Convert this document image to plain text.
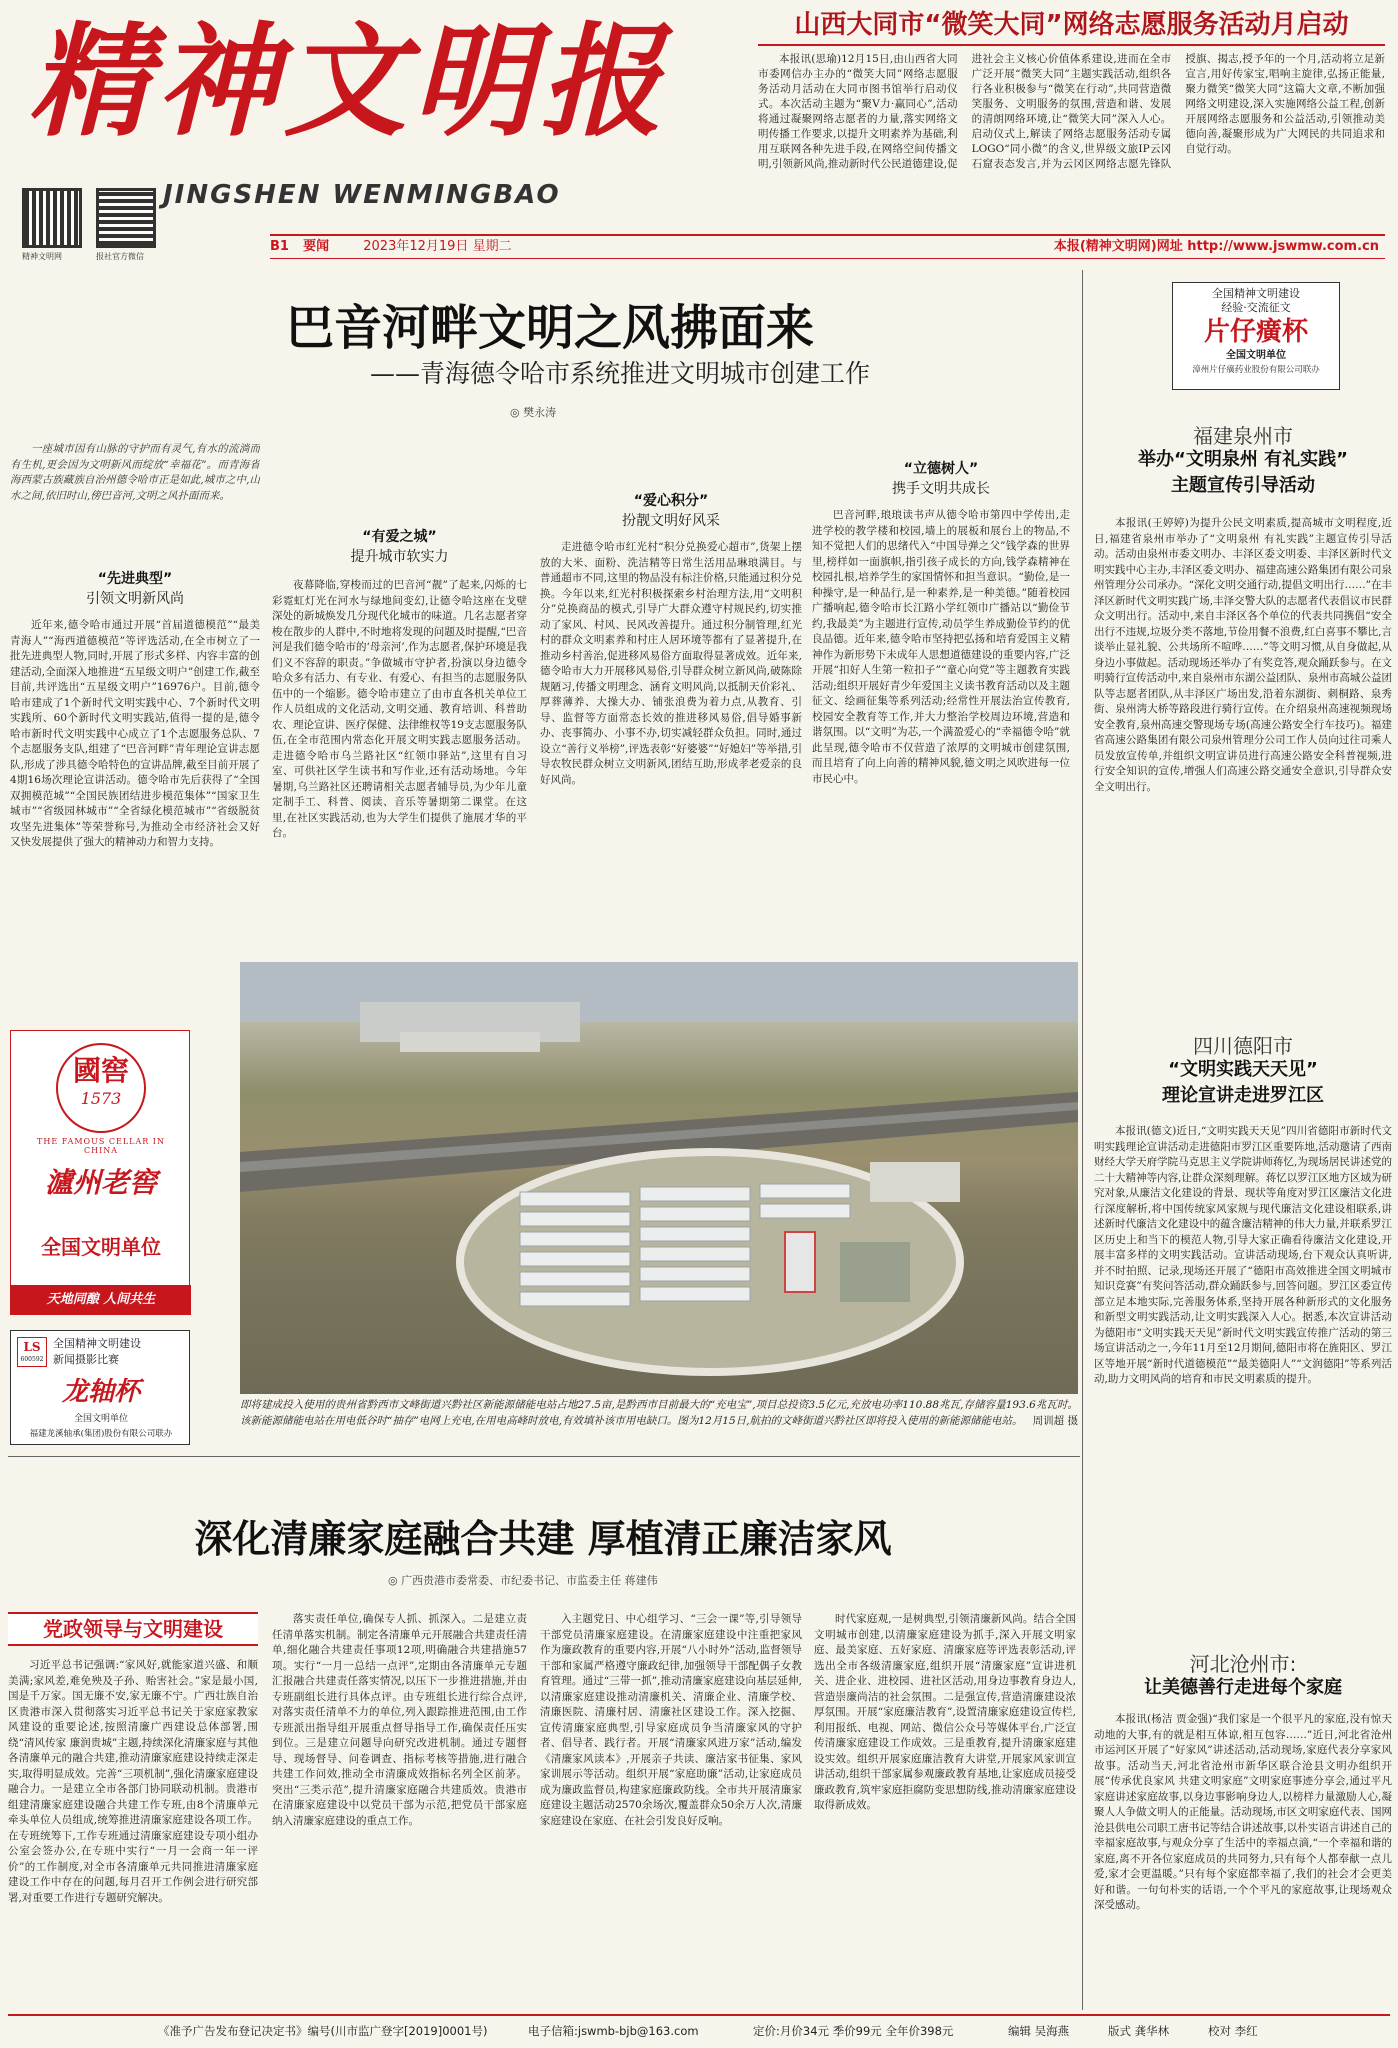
精神文明报
JINGSHEN WENMINGBAO
精神文明网	报社官方微信
B1 要闻	2023年12月19日 星期二	本报(精神文明网)网址 http://www.jswmw.com.cn
山西大同市“微笑大同”网络志愿服务活动月启动
本报讯(思瑜)12月15日,由山西省大同市委网信办主办的“微笑大同”网络志愿服务活动月活动在大同市图书馆举行启动仪式。本次活动主题为“聚V力·赢同心”,活动将通过凝聚网络志愿者的力量,落实网络文明传播工作要求,以提升文明素养为基础,利用互联网各种先进手段,在网络空间传播文明,引领新风尚,推动新时代公民道德建设,促进社会主义核心价值体系建设,进而在全市广泛开展“微笑大同”主题实践活动,组织各行各业积极参与“微笑在行动”,共同营造微笑服务、文明服务的氛围,营造和谐、发展的清朗网络环境,让“微笑大同”深入人心。启动仪式上,解读了网络志愿服务活动专属LOGO“同小微”的含义,世界级文旅IP云冈石窟表态发言,并为云冈区网络志愿先锋队授旗、揭志,授予年的一个月,活动将立足新宣言,用好传家宝,唱响主旋律,弘扬正能量,聚力微笑“微笑大同”这篇大文章,不断加强网络文明建设,深入实施网络公益工程,创新开展网络志愿服务和公益活动,引领推动美德向善,凝聚形成为广大网民的共同追求和自觉行动。
巴音河畔文明之风拂面来
——青海德令哈市系统推进文明城市创建工作
◎ 樊永涛
一座城市因有山脉的守护而有灵气,有水的流淌而有生机,更会因为文明新风而绽放“幸福花”。而青海省海西蒙古族藏族自治州德令哈市正是如此,城市之中,山水之间,依旧时山,傍巴音河,文明之风扑面而来。
“先进典型”
引领文明新风尚
近年来,德令哈市通过开展“首届道德模范”“最美青海人”“海西道德模范”等评选活动,在全市树立了一批先进典型人物,同时,开展了形式多样、内容丰富的创建活动,全面深入地推进“五星级文明户”创建工作,截至目前,共评选出“五星级文明户”16976户。目前,德令哈市建成了1个新时代文明实践中心、7个新时代文明实践所、60个新时代文明实践站,值得一提的是,德令哈市新时代文明实践中心成立了1个志愿服务总队、7个志愿服务支队,组建了“巴音河畔”青年理论宣讲志愿队,形成了涉具德令哈特色的宣讲品牌,截至目前开展了4期16场次理论宣讲活动。德令哈市先后获得了“全国双拥模范城”“全国民族团结进步模范集体”“国家卫生城市”“省级园林城市”“全省绿化模范城市”“省级脱贫攻坚先进集体”等荣誉称号,为推动全市经济社会又好又快发展提供了强大的精神动力和智力支持。
“有爱之城”
提升城市软实力
夜幕降临,穿梭而过的巴音河“靓”了起来,闪烁的七彩霓虹灯光在河水与绿地间变幻,让德令哈这座在戈壁深处的新城焕发几分现代化城市的味道。几名志愿者穿梭在散步的人群中,不时地将发现的问题及时提醒,“巴音河是我们德令哈市的‘母亲河’,作为志愿者,保护环境是我们义不容辞的职责。”争做城市守护者,扮演以身边德令哈众多有活力、有专业、有爱心、有担当的志愿服务队伍中的一个缩影。德令哈市建立了由市直各机关单位工作人员组成的文化活动,文明交通、教育培训、科普助农、理论宣讲、医疗保健、法律维权等19支志愿服务队伍,在全市范围内常态化开展文明实践志愿服务活动。走进德令哈市乌兰路社区“红领巾驿站”,这里有自习室、可供社区学生读书和写作业,还有活动场地。今年暑期,乌兰路社区还聘请相关志愿者辅导员,为少年儿童定制手工、科普、阅读、音乐等暑期第二课堂。在这里,在社区实践活动,也为大学生们提供了施展才华的平台。
“爱心积分”
扮靓文明好风采
走进德令哈市红光村“积分兑换爱心超市”,货架上摆放的大米、面粉、洗洁精等日常生活用品琳琅满目。与普通超市不同,这里的物品没有标注价格,只能通过积分兑换。今年以来,红光村积极探索乡村治理方法,用“文明积分”兑换商品的模式,引导广大群众遵守村规民约,切实推动了家风、村风、民风改善提升。通过积分制管理,红光村的群众文明素养和村庄人居环境等都有了显著提升,在推动乡村善治,促进移风易俗方面取得显著成效。近年来,德令哈市大力开展移风易俗,引导群众树立新风尚,破陈除规陋习,传播文明理念、涵育文明风尚,以抵制天价彩礼、厚葬薄养、大操大办、铺张浪费为着力点,从教育、引导、监督等方面常态长效的推进移风易俗,倡导婚事新办、丧事简办、小事不办,切实减轻群众负担。同时,通过设立“善行义举榜”,评选表彰“好婆婆”“好媳妇”等举措,引导农牧民群众树立文明新风,团结互助,形成孝老爱亲的良好风尚。
“立德树人”
携手文明共成长
巴音河畔,琅琅读书声从德令哈市第四中学传出,走进学校的教学楼和校园,墙上的展板和展台上的物品,不知不觉把人们的思绪代入“中国导弹之父”钱学森的世界里,榜样如一面旗帜,指引孩子成长的方向,钱学森精神在校园扎根,培养学生的家国情怀和担当意识。“勤俭,是一种操守,是一种品行,是一种素养,是一种美德。”随着校园广播响起,德令哈市长江路小学红领巾广播站以“勤俭节约,我最美”为主题进行宣传,动员学生养成勤俭节约的优良品德。近年来,德令哈市坚持把弘扬和培育爱国主义精神作为新形势下未成年人思想道德建设的重要内容,广泛开展“扣好人生第一粒扣子”“童心向党”等主题教育实践活动;组织开展好青少年爱国主义读书教育活动以及主题征文、绘画征集等系列活动;经常性开展法治宣传教育,校园安全教育等工作,并大力整治学校周边环境,营造和谐氛围。以“文明”为芯,一个满盈爱心的“幸福德令哈”就此呈现,德令哈市不仅营造了浓厚的文明城市创建氛围,而且培育了向上向善的精神风貌,德文明之风吹进每一位市民心中。
即将建成投入使用的贵州省黔西市文峰街道兴黔社区新能源储能电站占地27.5亩,是黔西市目前最大的“充电宝”,项目总投资3.5亿元,充放电功率110.88兆瓦,存储容量193.6兆瓦时。该新能源储能电站在用电低谷时“抽存”电网上充电,在用电高峰时放电,有效填补该市用电缺口。图为12月15日,航拍的文峰街道兴黔社区即将投入使用的新能源储能电站。 周训超 摄
國窖
1573
THE FAMOUS CELLAR IN CHINA
瀘州老窖
全国文明单位
天地同酿 人间共生
LS
600592
全国精神文明建设
新闻摄影比赛
龙轴杯
全国文明单位
福建龙溪轴承(集团)股份有限公司联办
全国精神文明建设
经验·交流征文
片仔癀杯
全国文明单位
漳州片仔癀药业股份有限公司联办
福建泉州市
举办“文明泉州 有礼实践”
主题宣传引导活动
本报讯(王婷婷)为提升公民文明素质,提高城市文明程度,近日,福建省泉州市举办了“文明泉州 有礼实践”主题宣传引导活动。活动由泉州市委文明办、丰泽区委文明委、丰泽区新时代文明实践中心主办,丰泽区委文明办、福建高速公路集团有限公司泉州管理分公司承办。“深化文明交通行动,提倡文明出行……”在丰泽区新时代文明实践广场,丰泽交警大队的志愿者代表倡议市民群众文明出行。活动中,来自丰泽区各个单位的代表共同携倡“安全出行不违规,垃圾分类不落地,节俭用餐不浪费,红白喜事不攀比,言谈举止显礼貌、公共场所不喧哗……”等文明习惯,从自身做起,从身边小事做起。活动现场还举办了有奖竞答,观众踊跃参与。在文明骑行宣传活动中,来自泉州市东湖公益团队、泉州市高城公益团队等志愿者团队,从丰泽区广场出发,沿着东湖街、刺桐路、泉秀街、泉州湾大桥等路段进行骑行宣传。在介绍泉州高速视频现场安全教育,泉州高速交警现场专场(高速公路安全行车技巧)。福建省高速公路集团有限公司泉州管理分公司工作人员向过往司乘人员发放宣传单,并组织文明宣讲员进行高速公路安全科普视频,进行安全知识的宣传,增强人们高速公路交通安全意识,引导群众安全文明出行。
四川德阳市
“文明实践天天见”
理论宣讲走进罗江区
本报讯(德文)近日,“文明实践天天见”四川省德阳市新时代文明实践理论宣讲活动走进德阳市罗江区重要阵地,活动邀请了西南财经大学天府学院马克思主义学院讲师蒋忆,为现场居民讲述党的二十大精神等内容,让群众深刻理解。蒋忆以罗江区地方区域为研究对象,从廉洁文化建设的背景、现状等角度对罗江区廉洁文化进行深度解析,将中国传统家风家规与现代廉洁文化建设相联系,讲述新时代廉洁文化建设中的蕴含廉洁精神的伟大力量,并联系罗江区历史上和当下的模范人物,引导大家正确看待廉洁文化建设,开展丰富多样的文明实践活动。宣讲活动现场,台下观众认真听讲,并不时拍照、记录,现场还开展了“德阳市高效推进全国文明城市知识竞赛”有奖问答活动,群众踊跃参与,回答问题。罗江区委宣传部立足本地实际,完善服务体系,坚持开展各种新形式的文化服务和新型文明实践活动,让文明实践深入人心。据悉,本次宣讲活动为德阳市“文明实践天天见”新时代文明实践宣传推广活动的第三场宣讲活动之一,今年11月至12月期间,德阳市将在旌阳区、罗江区等地开展“新时代道德模范”“最美德阳人”“文润德阳”等系列活动,助力文明风尚的培育和市民文明素质的提升。
河北沧州市:
让美德善行走进每个家庭
本报讯(杨洁 贾金强)“我们家是一个很平凡的家庭,没有惊天动地的大事,有的就是相互体谅,相互包容……”近日,河北省沧州市运河区开展了“好家风”讲述活动,活动现场,家庭代表分享家风故事。活动当天,河北省沧州市新华区联合沧县文明办组织开展“传承优良家风 共建文明家庭”文明家庭事迹分享会,通过平凡家庭讲述家庭故事,以身边事影响身边人,以榜样力量激励人心,凝聚人人争做文明人的正能量。活动现场,市区文明家庭代表、国网沧县供电公司职工唐书记等结合讲述故事,以朴实语言讲述自己的幸福家庭故事,与观众分享了生活中的幸福点滴,“一个幸福和谐的家庭,离不开各位家庭成员的共同努力,只有每个人都奉献一点儿爱,家才会更温暖。”只有每个家庭都幸福了,我们的社会才会更美好和谐。一句句朴实的话语,一个个平凡的家庭故事,让现场观众深受感动。
深化清廉家庭融合共建 厚植清正廉洁家风
◎ 广西贵港市委常委、市纪委书记、市监委主任 蒋建伟
党政领导与文明建设
习近平总书记强调:“家风好,就能家道兴盛、和顺美满;家风差,难免殃及子孙、贻害社会。”家是最小国,国是千万家。国无廉不安,家无廉不宁。广西壮族自治区贵港市深入贯彻落实习近平总书记关于家庭家教家风建设的重要论述,按照清廉广西建设总体部署,围绕“清风传家 廉润贵城”主题,持续深化清廉家庭与其他各清廉单元的融合共建,推动清廉家庭建设持续走深走实,取得明显成效。完善“三项机制”,强化清廉家庭建设融合力。一是建立全市各部门协同联动机制。贵港市组建清廉家庭建设融合共建工作专班,由8个清廉单元牵头单位人员组成,统筹推进清廉家庭建设各项工作。在专班统筹下,工作专班通过清廉家庭建设专项小组办公室会签办公,在专班中实行“一月一会商一年一评价”的工作制度,对全市各清廉单元共同推进清廉家庭建设工作中存在的问题,每月召开工作例会进行研究部署,对重要工作进行专题研究解决。
落实责任单位,确保专人抓、抓深入。二是建立责任清单落实机制。制定各清廉单元开展融合共建责任清单,细化融合共建责任事项12项,明确融合共建措施57项。实行“一月一总结一点评”,定期由各清廉单元专题汇报融合共建责任落实情况,以压下一步推进措施,并由专班副组长进行具体点评。由专班组长进行综合点评,对落实责任清单不力的单位,列入跟踪推进范围,由工作专班派出指导组开展重点督导指导工作,确保责任压实到位。三是建立问题导向研究改进机制。通过专题督导、现场督导、问卷调查、指标考核等措施,进行融合共建工作问效,推动全市清廉成效指标名列全区前茅。突出“三类示范”,提升清廉家庭融合共建质效。贵港市在清廉家庭建设中以党员干部为示范,把党员干部家庭纳入清廉家庭建设的重点工作。
入主题党日、中心组学习、“三会一课”等,引导领导干部党员清廉家庭建设。在清廉家庭建设中注重把家风作为廉政教育的重要内容,开展“八小时外”活动,监督领导干部和家属严格遵守廉政纪律,加强领导干部配偶子女教育管理。通过“三带一抓”,推动清廉家庭建设向基层延伸,以清廉家庭建设推动清廉机关、清廉企业、清廉学校、清廉医院、清廉村居、清廉社区建设工作。深入挖掘、宣传清廉家庭典型,引导家庭成员争当清廉家风的守护者、倡导者、践行者。开展“清廉家风进万家”活动,编发《清廉家风读本》,开展亲子共读、廉洁家书征集、家风家训展示等活动。组织开展“家庭助廉”活动,让家庭成员成为廉政监督员,构建家庭廉政防线。全市共开展清廉家庭建设主题活动2570余场次,覆盖群众50余万人次,清廉家庭建设在家庭、在社会引发良好反响。
时代家庭观,一是树典型,引领清廉新风尚。结合全国文明城市创建,以清廉家庭建设为抓手,深入开展文明家庭、最美家庭、五好家庭、清廉家庭等评选表彰活动,评选出全市各级清廉家庭,组织开展“清廉家庭”宣讲进机关、进企业、进校园、进社区活动,用身边事教育身边人,营造崇廉尚洁的社会氛围。二是强宣传,营造清廉建设浓厚氛围。开展“家庭廉洁教育”,设置清廉家庭建设宣传栏,利用报纸、电视、网站、微信公众号等媒体平台,广泛宣传清廉家庭建设工作成效。三是重教育,提升清廉家庭建设实效。组织开展家庭廉洁教育大讲堂,开展家风家训宣讲活动,组织干部家属参观廉政教育基地,让家庭成员接受廉政教育,筑牢家庭拒腐防变思想防线,推动清廉家庭建设取得新成效。
《准予广告发布登记决定书》编号(川市监广登字[2019]0001号)	电子信箱:jswmb-bjb@163.com	定价:月价34元 季价99元 全年价398元	编辑 吴海燕	版式 龚华林	校对 李红
